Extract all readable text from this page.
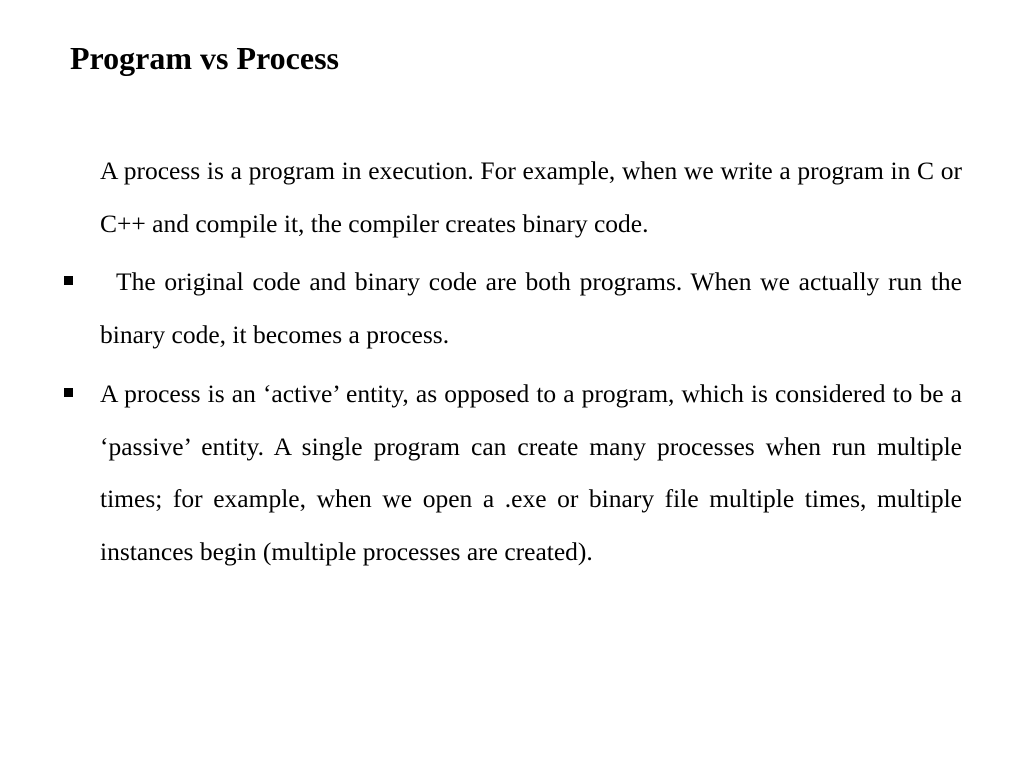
Program vs Process

A process is a program in execution. For example, when we write a program in C or C++ and compile it, the compiler creates binary code.

The original code and binary code are both programs. When we actually run the binary code, it becomes a process.
A process is an ‘active’ entity, as opposed to a program, which is considered to be a ‘passive’ entity. A single program can create many processes when run multiple times; for example, when we open a .exe or binary file multiple times, multiple instances begin (multiple processes are created).
